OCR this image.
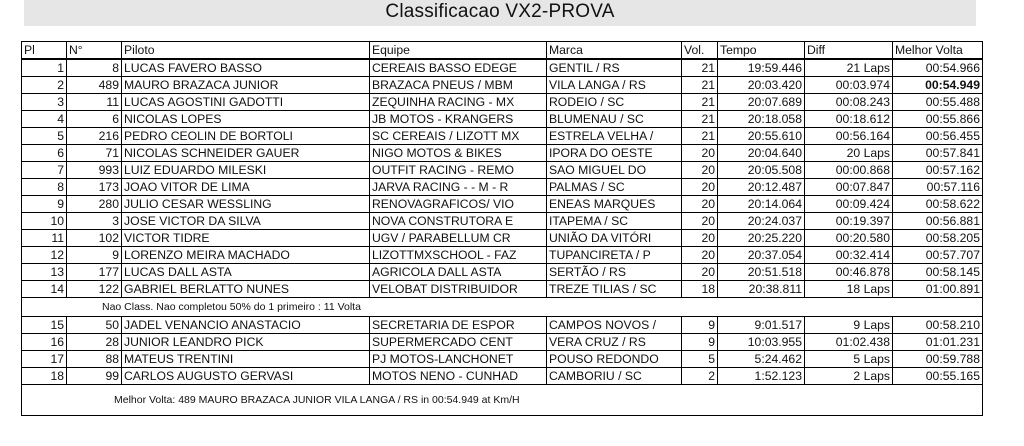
Classificacao VX2-PROVA
Pl	N°	Piloto	Equipe	Marca	Vol.	Tempo	Diff	Melhor Volta
1	8	LUCAS FAVERO BASSO	CEREAIS BASSO EDEGE	GENTIL / RS	21	19:59.446	21 Laps	00:54.966
2	489	MAURO BRAZACA JUNIOR	BRAZACA PNEUS / MBM	VILA LANGA / RS	21	20:03.420	00:03.974	00:54.949
3	11	LUCAS AGOSTINI GADOTTI	ZEQUINHA RACING - MX	RODEIO / SC	21	20:07.689	00:08.243	00:55.488
4	6	NICOLAS LOPES	JB MOTOS - KRANGERS	BLUMENAU / SC	21	20:18.058	00:18.612	00:55.866
5	216	PEDRO CEOLIN DE BORTOLI	SC CEREAIS / LIZOTT MX	ESTRELA VELHA /	21	20:55.610	00:56.164	00:56.455
6	71	NICOLAS SCHNEIDER GAUER	NIGO MOTOS & BIKES	IPORA DO OESTE	20	20:04.640	20 Laps	00:57.841
7	993	LUIZ EDUARDO MILESKI	OUTFIT RACING - REMO	SAO MIGUEL DO	20	20:05.508	00:00.868	00:57.162
8	173	JOAO VITOR DE LIMA	JARVA RACING - - M - R	PALMAS / SC	20	20:12.487	00:07.847	00:57.116
9	280	JULIO CESAR WESSLING	RENOVAGRAFICOS/ VIO	ENEAS MARQUES	20	20:14.064	00:09.424	00:58.622
10	3	JOSE VICTOR DA SILVA	NOVA CONSTRUTORA E	ITAPEMA / SC	20	20:24.037	00:19.397	00:56.881
11	102	VICTOR TIDRE	UGV / PARABELLUM CR	UNIÃO DA VITÓRI	20	20:25.220	00:20.580	00:58.205
12	9	LORENZO MEIRA MACHADO	LIZOTTMXSCHOOL - FAZ	TUPANCIRETA / P	20	20:37.054	00:32.414	00:57.707
13	177	LUCAS DALL ASTA	AGRICOLA DALL ASTA	SERTÃO / RS	20	20:51.518	00:46.878	00:58.145
14	122	GABRIEL BERLATTO NUNES	VELOBAT DISTRIBUIDOR	TREZE TILIAS / SC	18	20:38.811	18 Laps	01:00.891
Nao Class. Nao completou 50% do 1 primeiro : 11 Volta								
15	50	JADEL VENANCIO ANASTACIO	SECRETARIA DE ESPOR	CAMPOS NOVOS /	9	9:01.517	9 Laps	00:58.210
16	28	JUNIOR LEANDRO PICK	SUPERMERCADO CENT	VERA CRUZ / RS	9	10:03.955	01:02.438	01:01.231
17	88	MATEUS TRENTINI	PJ MOTOS-LANCHONET	POUSO REDONDO	5	5:24.462	5 Laps	00:59.788
18	99	CARLOS AUGUSTO GERVASI	MOTOS NENO - CUNHAD	CAMBORIU / SC	2	1:52.123	2 Laps	00:55.165
Melhor Volta: 489 MAURO BRAZACA JUNIOR VILA LANGA / RS in 00:54.949 at Km/H								
